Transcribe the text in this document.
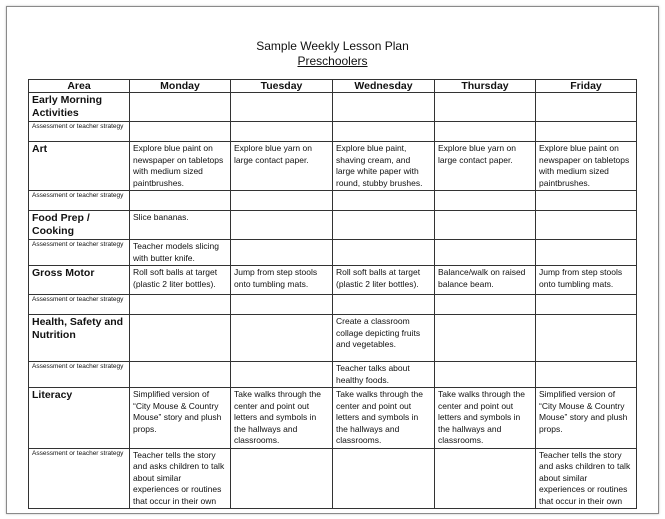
Sample Weekly Lesson Plan
Preschoolers
Area	Monday	Tuesday	Wednesday	Thursday	Friday
Early Morning Activities					
Assessment or teacher strategy					
Art	Explore blue paint on newspaper on tabletops with medium sized paintbrushes.	Explore blue yarn on large contact paper.	Explore blue paint, shaving cream, and large white paper with round, stubby brushes.	Explore blue yarn on large contact paper.	Explore blue paint on newspaper on tabletops with medium sized paintbrushes.
Assessment or teacher strategy					
Food Prep / Cooking	Slice bananas.				
Assessment or teacher strategy	Teacher models slicing with butter knife.				
Gross Motor	Roll soft balls at target (plastic 2 liter bottles).	Jump from step stools onto tumbling mats.	Roll soft balls at target (plastic 2 liter bottles).	Balance/walk on raised balance beam.	Jump from step stools onto tumbling mats.
Assessment or teacher strategy					
Health, Safety and Nutrition			Create a classroom collage depicting fruits and vegetables.		
Assessment or teacher strategy			Teacher talks about healthy foods.		
Literacy	Simplified version of “City Mouse & Country Mouse” story and plush props.	Take walks through the center and point out letters and symbols in the hallways and classrooms.	Take walks through the center and point out letters and symbols in the hallways and classrooms.	Take walks through the center and point out letters and symbols in the hallways and classrooms.	Simplified version of “City Mouse & Country Mouse” story and plush props.
Assessment or teacher strategy	Teacher tells the story and asks children to talk about similar experiences or routines that occur in their own				Teacher tells the story and asks children to talk about similar experiences or routines that occur in their own
